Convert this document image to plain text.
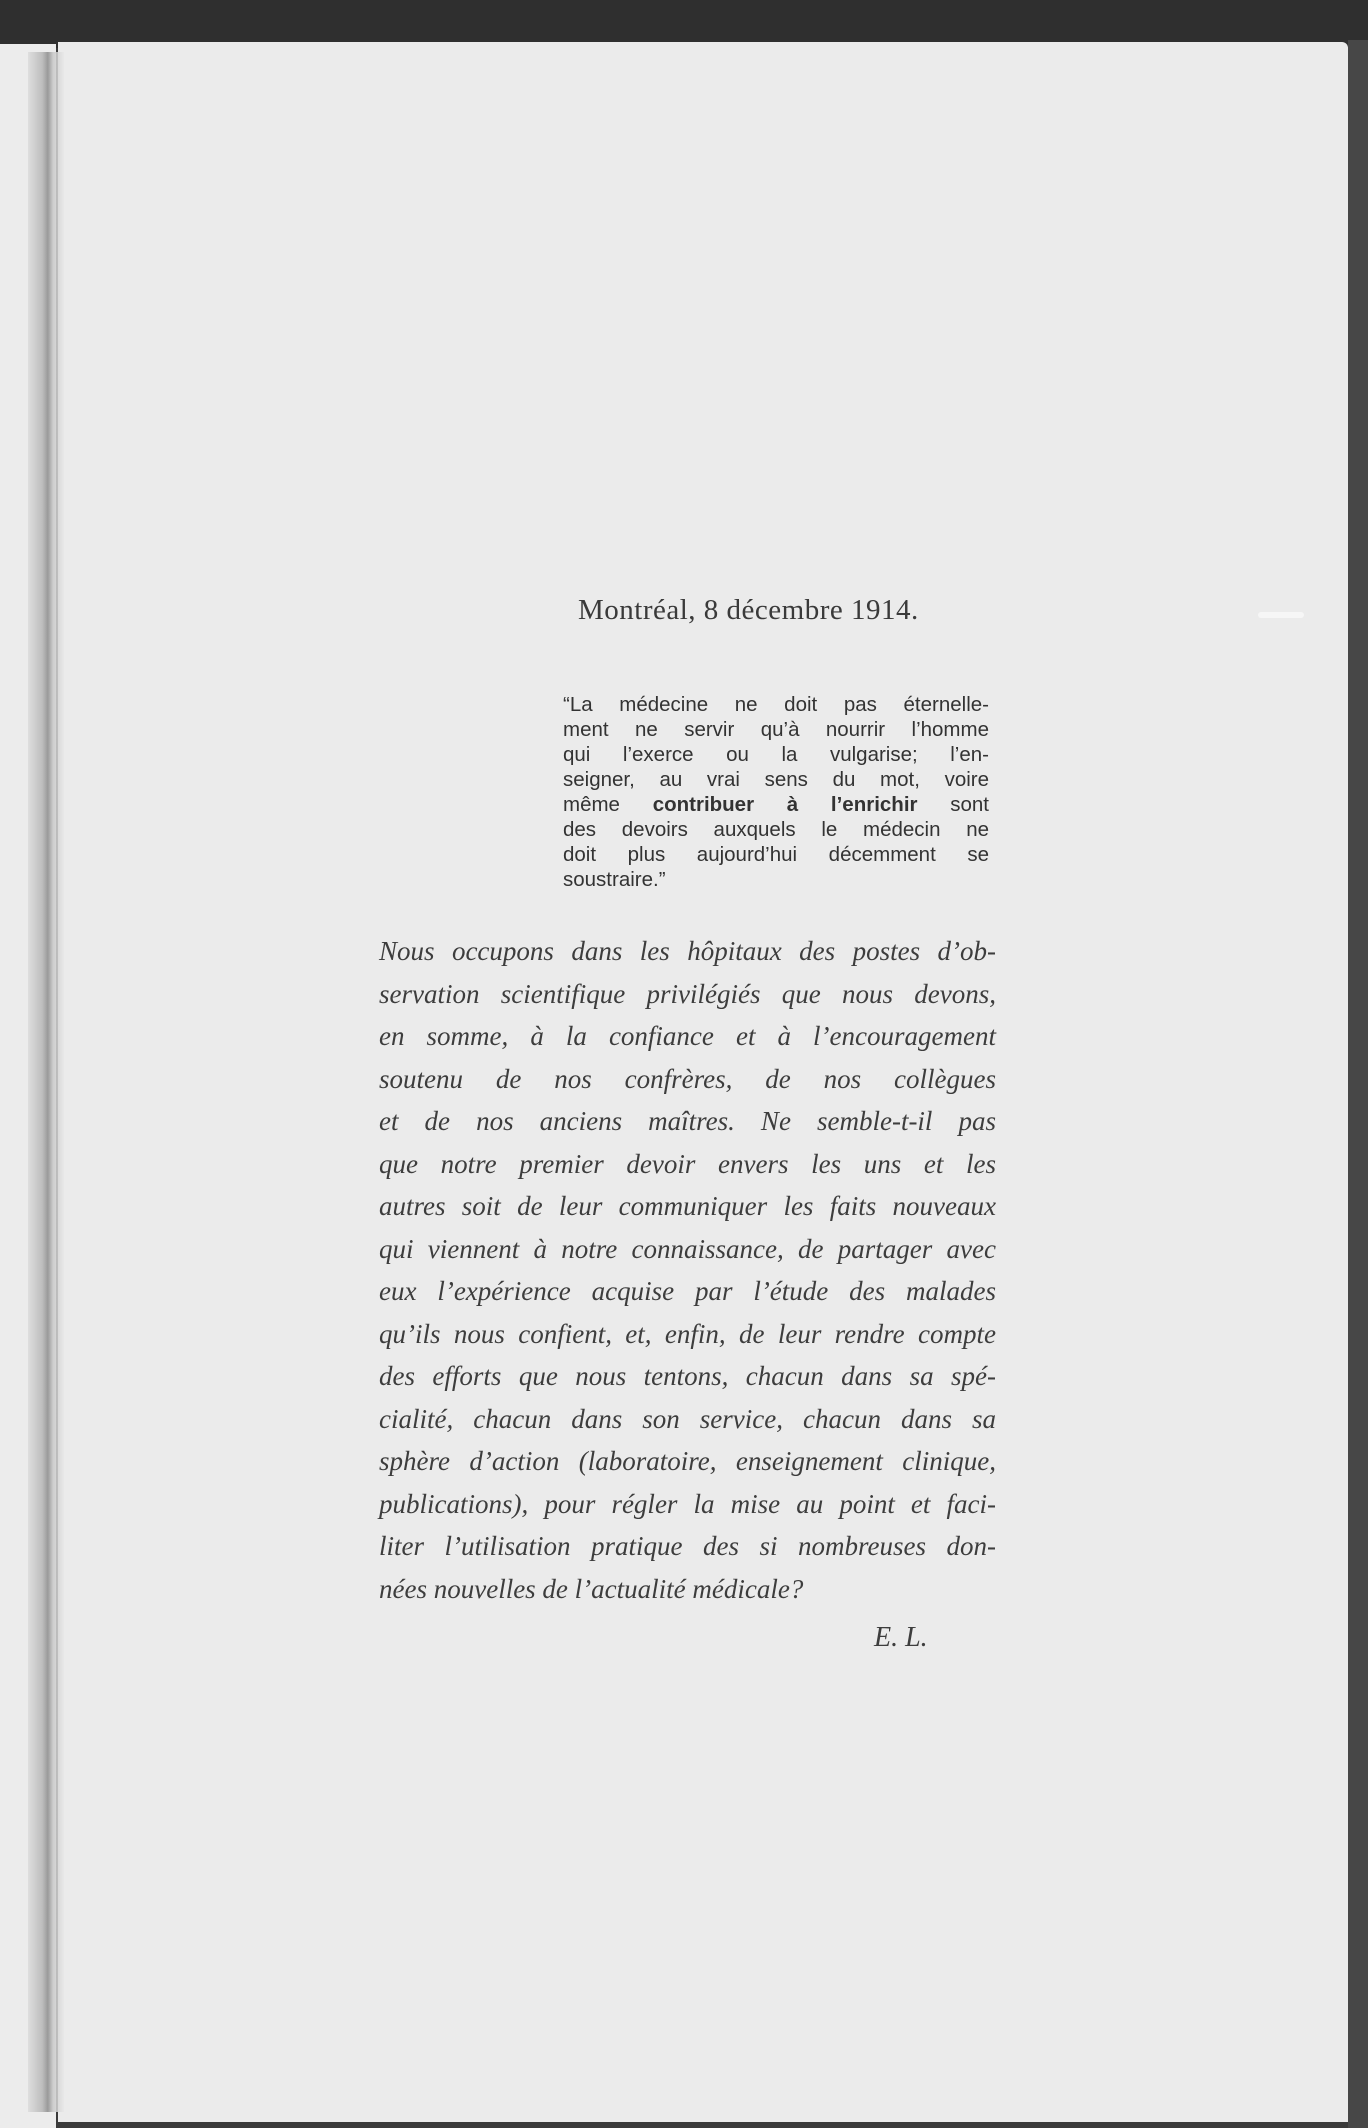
Montréal, 8 décembre 1914.
“La médecine ne doit pas éternelle-
ment ne servir qu’à nourrir l’homme
qui l’exerce ou la vulgarise; l’en-
seigner, au vrai sens du mot, voire
même contribuer à l’enrichir sont
des devoirs auxquels le médecin ne
doit plus aujourd’hui décemment se
soustraire.”
Nous occupons dans les hôpitaux des postes d’ob-
servation scientifique privilégiés que nous devons,
en somme, à la confiance et à l’encouragement
soutenu de nos confrères, de nos collègues
et de nos anciens maîtres. Ne semble-t-il pas
que notre premier devoir envers les uns et les
autres soit de leur communiquer les faits nouveaux
qui viennent à notre connaissance, de partager avec
eux l’expérience acquise par l’étude des malades
qu’ils nous confient, et, enfin, de leur rendre compte
des efforts que nous tentons, chacun dans sa spé-
cialité, chacun dans son service, chacun dans sa
sphère d’action (laboratoire, enseignement clinique,
publications), pour régler la mise au point et faci-
liter l’utilisation pratique des si nombreuses don-
nées nouvelles de l’actualité médicale?
E. L.
